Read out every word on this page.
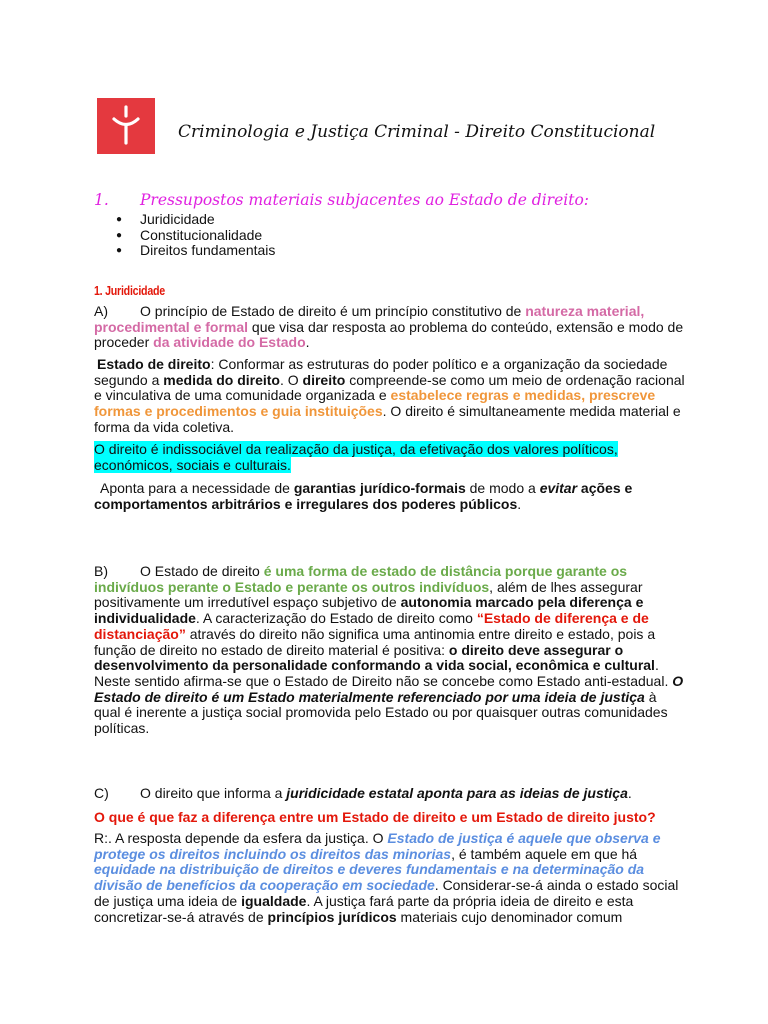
Criminologia e Justiça Criminal - Direito Constitucional
1. Pressupostos materiais subjacentes ao Estado de direito:
● Juridicidade
● Constitucionalidade
● Direitos fundamentais
1. Juridicidade

A) O princípio de Estado de direito é um princípio constitutivo de natureza material, procedimental e formal que visa dar resposta ao problema do conteúdo, extensão e modo de proceder da atividade do Estado.

Estado de direito: Conformar as estruturas do poder político e a organização da sociedade segundo a medida do direito. O direito compreende-se como um meio de ordenação racional e vinculativa de uma comunidade organizada e estabelece regras e medidas, prescreve formas e procedimentos e guia instituições. O direito é simultaneamente medida material e forma da vida coletiva.

O direito é indissociável da realização da justiça, da efetivação dos valores políticos, económicos, sociais e culturais.

Aponta para a necessidade de garantias jurídico-formais de modo a evitar ações e comportamentos arbitrários e irregulares dos poderes públicos.

B) O Estado de direito é uma forma de estado de distância porque garante os indivíduos perante o Estado e perante os outros indivíduos, além de lhes assegurar positivamente um irredutível espaço subjetivo de autonomia marcado pela diferença e individualidade. A caracterização do Estado de direito como “Estado de diferença e de distanciação” através do direito não significa uma antinomia entre direito e estado, pois a função de direito no estado de direito material é positiva: o direito deve assegurar o desenvolvimento da personalidade conformando a vida social, econômica e cultural. Neste sentido afirma-se que o Estado de Direito não se concebe como Estado anti-estadual. O Estado de direito é um Estado materialmente referenciado por uma ideia de justiça à qual é inerente a justiça social promovida pelo Estado ou por quaisquer outras comunidades políticas.

C) O direito que informa a juridicidade estatal aponta para as ideias de justiça.

O que é que faz a diferença entre um Estado de direito e um Estado de direito justo?

R:. A resposta depende da esfera da justiça. O Estado de justiça é aquele que observa e protege os direitos incluindo os direitos das minorias, é também aquele em que há equidade na distribuição de direitos e deveres fundamentais e na determinação da divisão de benefícios da cooperação em sociedade. Considerar-se-á ainda o estado social de justiça uma ideia de igualdade. A justiça fará parte da própria ideia de direito e esta concretizar-se-á através de princípios jurídicos materiais cujo denominador comum
